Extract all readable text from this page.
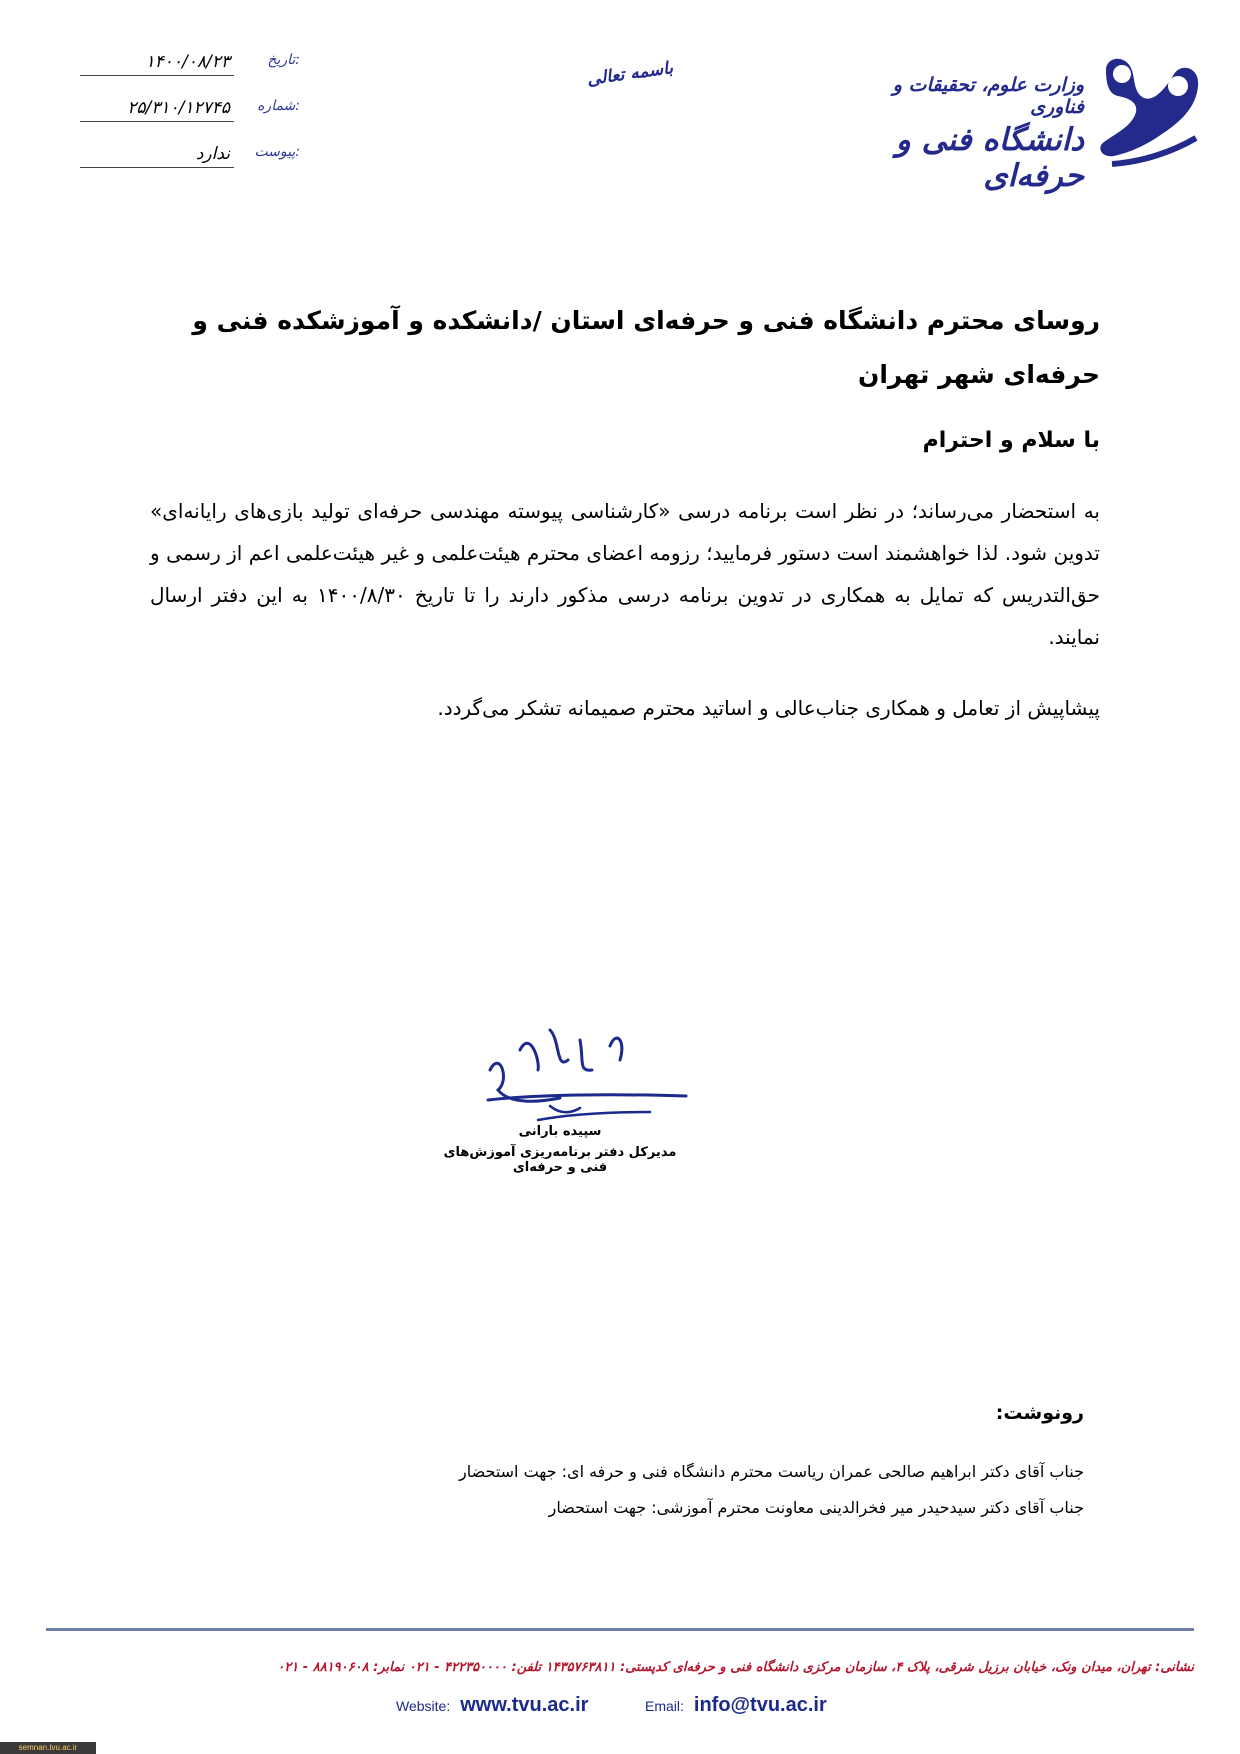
وزارت علوم، تحقیقات و فناوری
دانشگاه فنی و حرفه‌ای
باسمه تعالی
تاریخ:
۱۴۰۰/۰۸/۲۳
شماره:
۲۵/۳۱۰/۱۲۷۴۵
پیوست:
ندارد
روسای محترم دانشگاه فنی و حرفه‌ای استان /دانشکده و آموزشکده فنی و حرفه‌ای شهر تهران
با سلام و احترام
به استحضار می‌رساند؛ در نظر است برنامه درسی «کارشناسی پیوسته مهندسی حرفه‌ای تولید بازی‌های رایانه‌ای» تدوین شود. لذا خواهشمند است دستور فرمایید؛ رزومه اعضای محترم هیئت‌علمی و غیر هیئت‌علمی اعم از رسمی و حق‌التدریس که تمایل به همکاری در تدوین برنامه درسی مذکور دارند را تا تاریخ ۱۴۰۰/۸/۳۰ به این دفتر ارسال نمایند.
پیشاپیش از تعامل و همکاری جناب‌عالی و اساتید محترم صمیمانه تشکر می‌گردد.
سپیده بارانی
مدیرکل دفتر برنامه‌ریزی آموزش‌های فنی و حرفه‌ای
رونوشت:
جناب آقای دکتر ابراهیم صالحی عمران ریاست محترم دانشگاه فنی و حرفه ای: جهت استحضار
جناب آقای دکتر سیدحیدر میر فخرالدینی معاونت محترم آموزشی: جهت استحضار
نشانی: تهران، میدان ونک، خیابان برزیل شرقی، پلاک ۴، سازمان مرکزی دانشگاه فنی و حرفه‌ای کدپستی: ۱۴۳۵۷۶۳۸۱۱ تلفن: ۴۲۲۳۵۰۰۰۰ - ۰۲۱ نمابر: ۸۸۱۹۰۶۰۸ - ۰۲۱
Website: www.tvu.ac.ir	Email: info@tvu.ac.ir
semnan.tvu.ac.ir
